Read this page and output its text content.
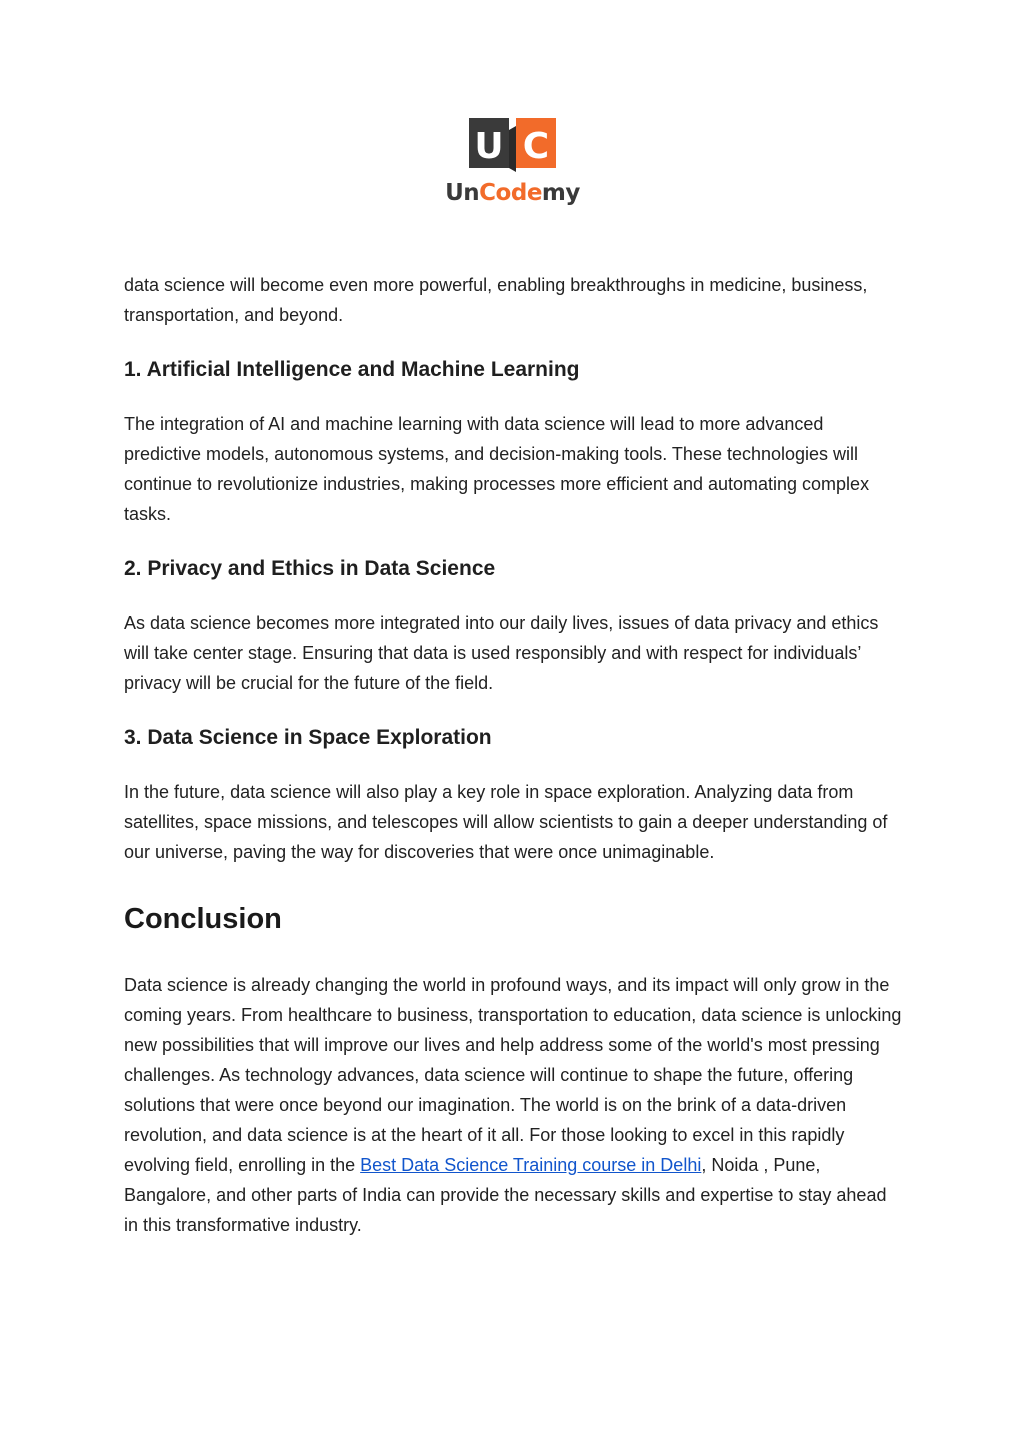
U C
UnCodemy

data science will become even more powerful, enabling breakthroughs in medicine, business, transportation, and beyond.

1. Artificial Intelligence and Machine Learning

The integration of AI and machine learning with data science will lead to more advanced predictive models, autonomous systems, and decision-making tools. These technologies will continue to revolutionize industries, making processes more efficient and automating complex tasks.

2. Privacy and Ethics in Data Science

As data science becomes more integrated into our daily lives, issues of data privacy and ethics will take center stage. Ensuring that data is used responsibly and with respect for individuals’ privacy will be crucial for the future of the field.

3. Data Science in Space Exploration

In the future, data science will also play a key role in space exploration. Analyzing data from satellites, space missions, and telescopes will allow scientists to gain a deeper understanding of our universe, paving the way for discoveries that were once unimaginable.

Conclusion

Data science is already changing the world in profound ways, and its impact will only grow in the coming years. From healthcare to business, transportation to education, data science is unlocking new possibilities that will improve our lives and help address some of the world's most pressing challenges. As technology advances, data science will continue to shape the future, offering solutions that were once beyond our imagination. The world is on the brink of a data-driven revolution, and data science is at the heart of it all. For those looking to excel in this rapidly evolving field, enrolling in the Best Data Science Training course in Delhi, Noida , Pune, Bangalore, and other parts of India can provide the necessary skills and expertise to stay ahead in this transformative industry.
